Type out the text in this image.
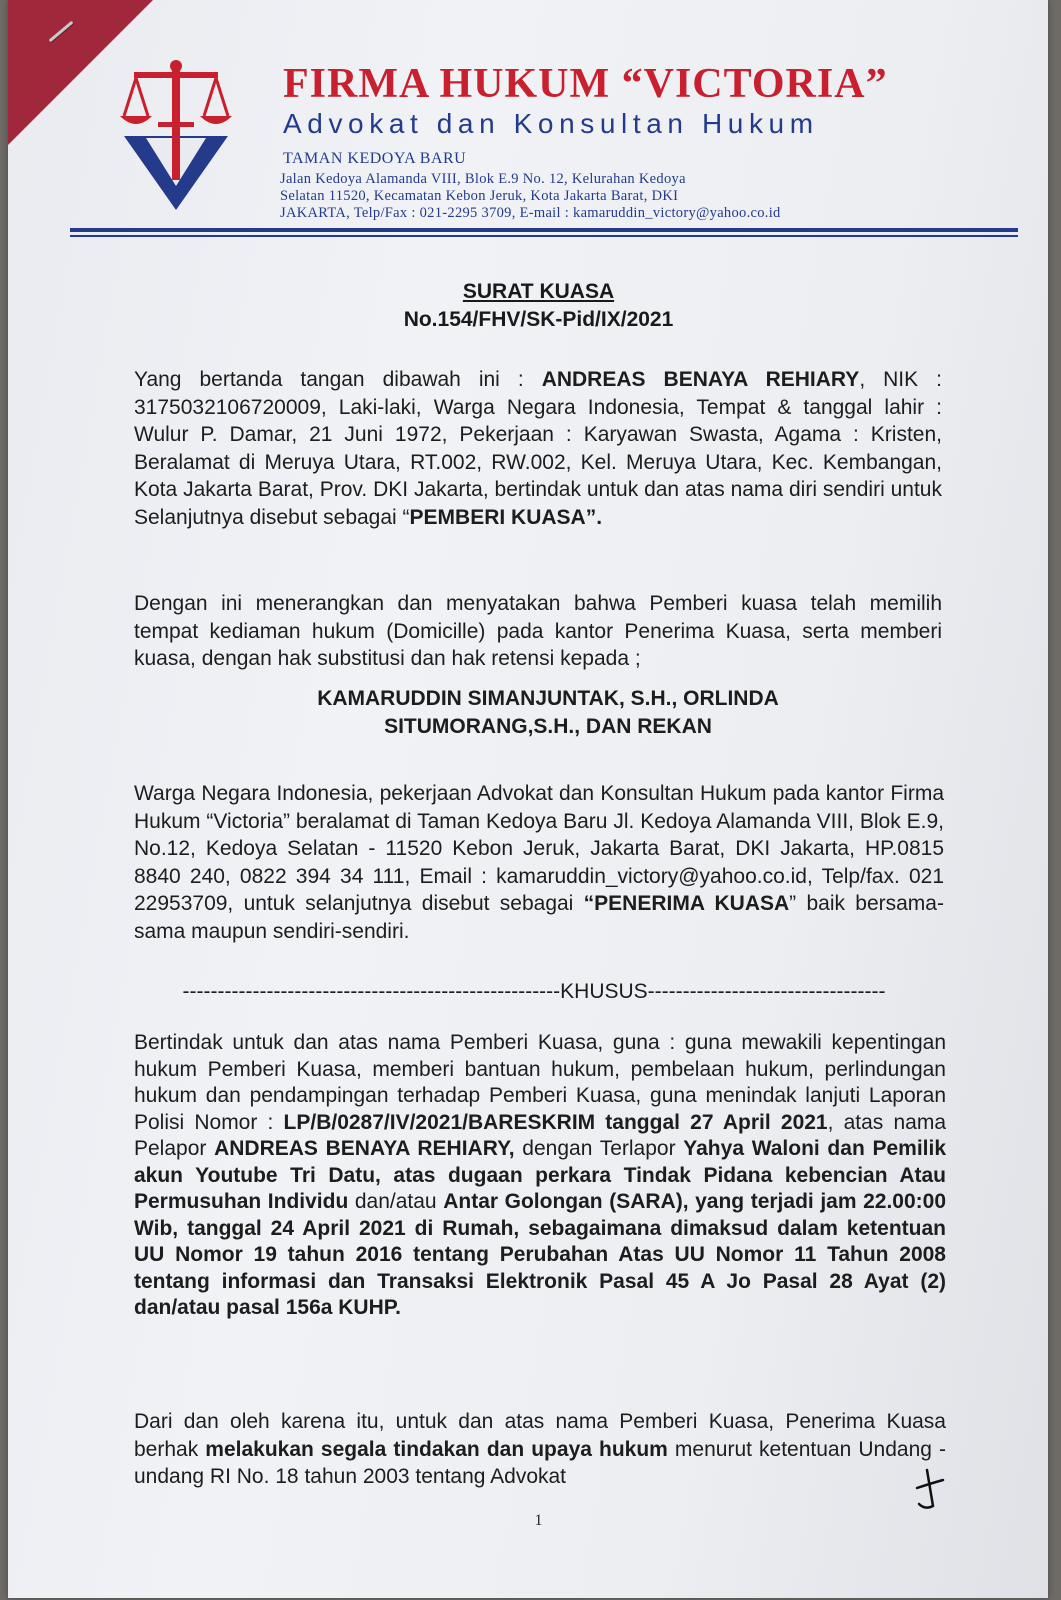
FIRMA HUKUM “VICTORIA”
Advokat dan Konsultan Hukum
TAMAN KEDOYA BARU
Jalan Kedoya Alamanda VIII, Blok E.9 No. 12, Kelurahan Kedoya
Selatan 11520, Kecamatan Kebon Jeruk, Kota Jakarta Barat, DKI
JAKARTA, Telp/Fax : 021-2295 3709, E-mail : kamaruddin_victory@yahoo.co.id
SURAT KUASA
No.154/FHV/SK-Pid/IX/2021
Yang bertanda tangan dibawah ini : ANDREAS BENAYA REHIARY, NIK : 3175032106720009, Laki-laki, Warga Negara Indonesia, Tempat & tanggal lahir : Wulur P. Damar, 21 Juni 1972, Pekerjaan : Karyawan Swasta, Agama : Kristen, Beralamat di Meruya Utara, RT.002, RW.002, Kel. Meruya Utara, Kec. Kembangan, Kota Jakarta Barat, Prov. DKI Jakarta, bertindak untuk dan atas nama diri sendiri untuk Selanjutnya disebut sebagai “PEMBERI KUASA”.
Dengan ini menerangkan dan menyatakan bahwa Pemberi kuasa telah memilih tempat kediaman hukum (Domicille) pada kantor Penerima Kuasa, serta memberi kuasa, dengan hak substitusi dan hak retensi kepada ;
KAMARUDDIN SIMANJUNTAK, S.H., ORLINDA
SITUMORANG,S.H., DAN REKAN
Warga Negara Indonesia, pekerjaan Advokat dan Konsultan Hukum pada kantor Firma Hukum “Victoria” beralamat di Taman Kedoya Baru Jl. Kedoya Alamanda VIII, Blok E.9, No.12, Kedoya Selatan - 11520 Kebon Jeruk, Jakarta Barat, DKI Jakarta, HP.0815 8840 240, 0822 394 34 111, Email : kamaruddin_victory@yahoo.co.id, Telp/fax. 021 22953709, untuk selanjutnya disebut sebagai “PENERIMA KUASA” baik bersama-sama maupun sendiri-sendiri.
------------------------------------------------------KHUSUS----------------------------------
Bertindak untuk dan atas nama Pemberi Kuasa, guna : guna mewakili kepentingan hukum Pemberi Kuasa, memberi bantuan hukum, pembelaan hukum, perlindungan hukum dan pendampingan terhadap Pemberi Kuasa, guna menindak lanjuti Laporan Polisi Nomor : LP/B/0287/IV/2021/BARESKRIM tanggal 27 April 2021, atas nama Pelapor ANDREAS BENAYA REHIARY, dengan Terlapor Yahya Waloni dan Pemilik akun Youtube Tri Datu, atas dugaan perkara Tindak Pidana kebencian Atau Permusuhan Individu dan/atau Antar Golongan (SARA), yang terjadi jam 22.00:00 Wib, tanggal 24 April 2021 di Rumah, sebagaimana dimaksud dalam ketentuan UU Nomor 19 tahun 2016 tentang Perubahan Atas UU Nomor 11 Tahun 2008 tentang informasi dan Transaksi Elektronik Pasal 45 A Jo Pasal 28 Ayat (2) dan/atau pasal 156a KUHP.
Dari dan oleh karena itu, untuk dan atas nama Pemberi Kuasa, Penerima Kuasa berhak melakukan segala tindakan dan upaya hukum menurut ketentuan Undang - undang RI No. 18 tahun 2003 tentang Advokat
1
